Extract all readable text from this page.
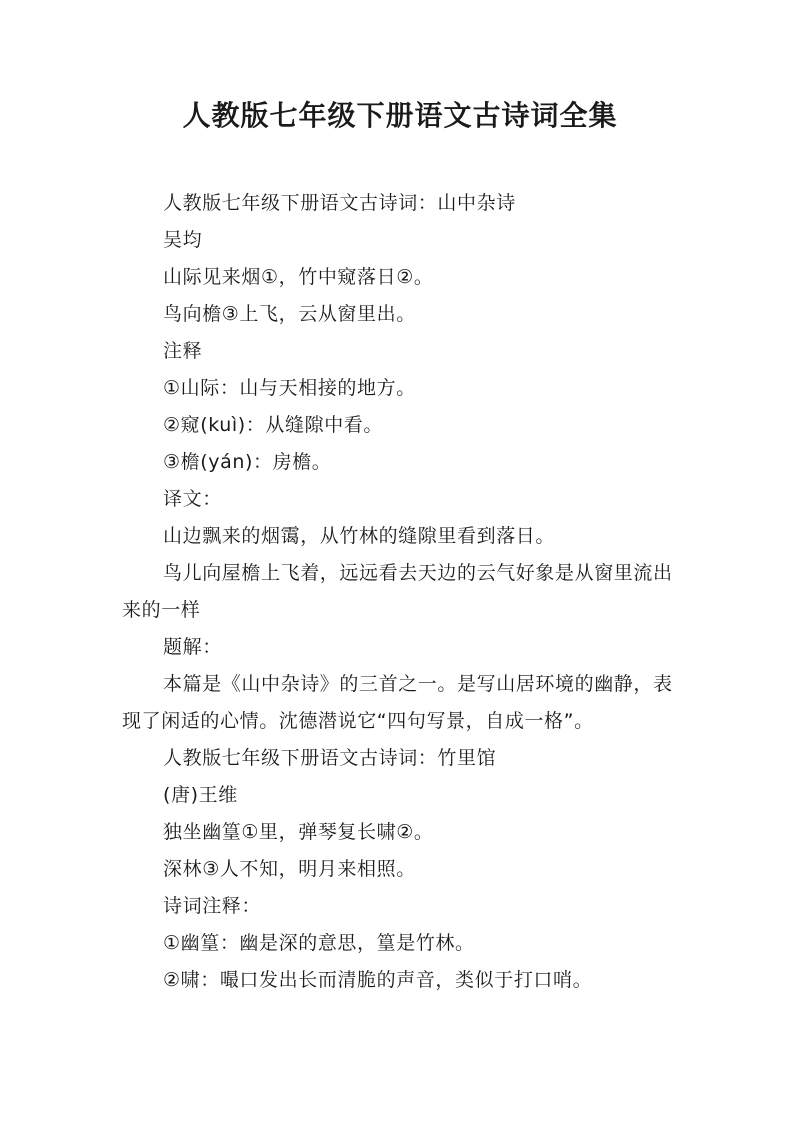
人教版七年级下册语文古诗词全集

人教版七年级下册语文古诗词：山中杂诗

吴均

山际见来烟①，竹中窥落日②。

鸟向檐③上飞，云从窗里出。

注释

①山际：山与天相接的地方。

②窥(kuì)：从缝隙中看。

③檐(yán)：房檐。

译文：

山边飘来的烟霭，从竹林的缝隙里看到落日。

鸟儿向屋檐上飞着，远远看去天边的云气好象是从窗里流出来的一样

题解：

本篇是《山中杂诗》的三首之一。是写山居环境的幽静，表现了闲适的心情。沈德潜说它“四句写景，自成一格”。

人教版七年级下册语文古诗词：竹里馆

(唐)王维

独坐幽篁①里，弹琴复长啸②。

深林③人不知，明月来相照。

诗词注释：

①幽篁：幽是深的意思，篁是竹林。

②啸：嘬口发出长而清脆的声音，类似于打口哨。
